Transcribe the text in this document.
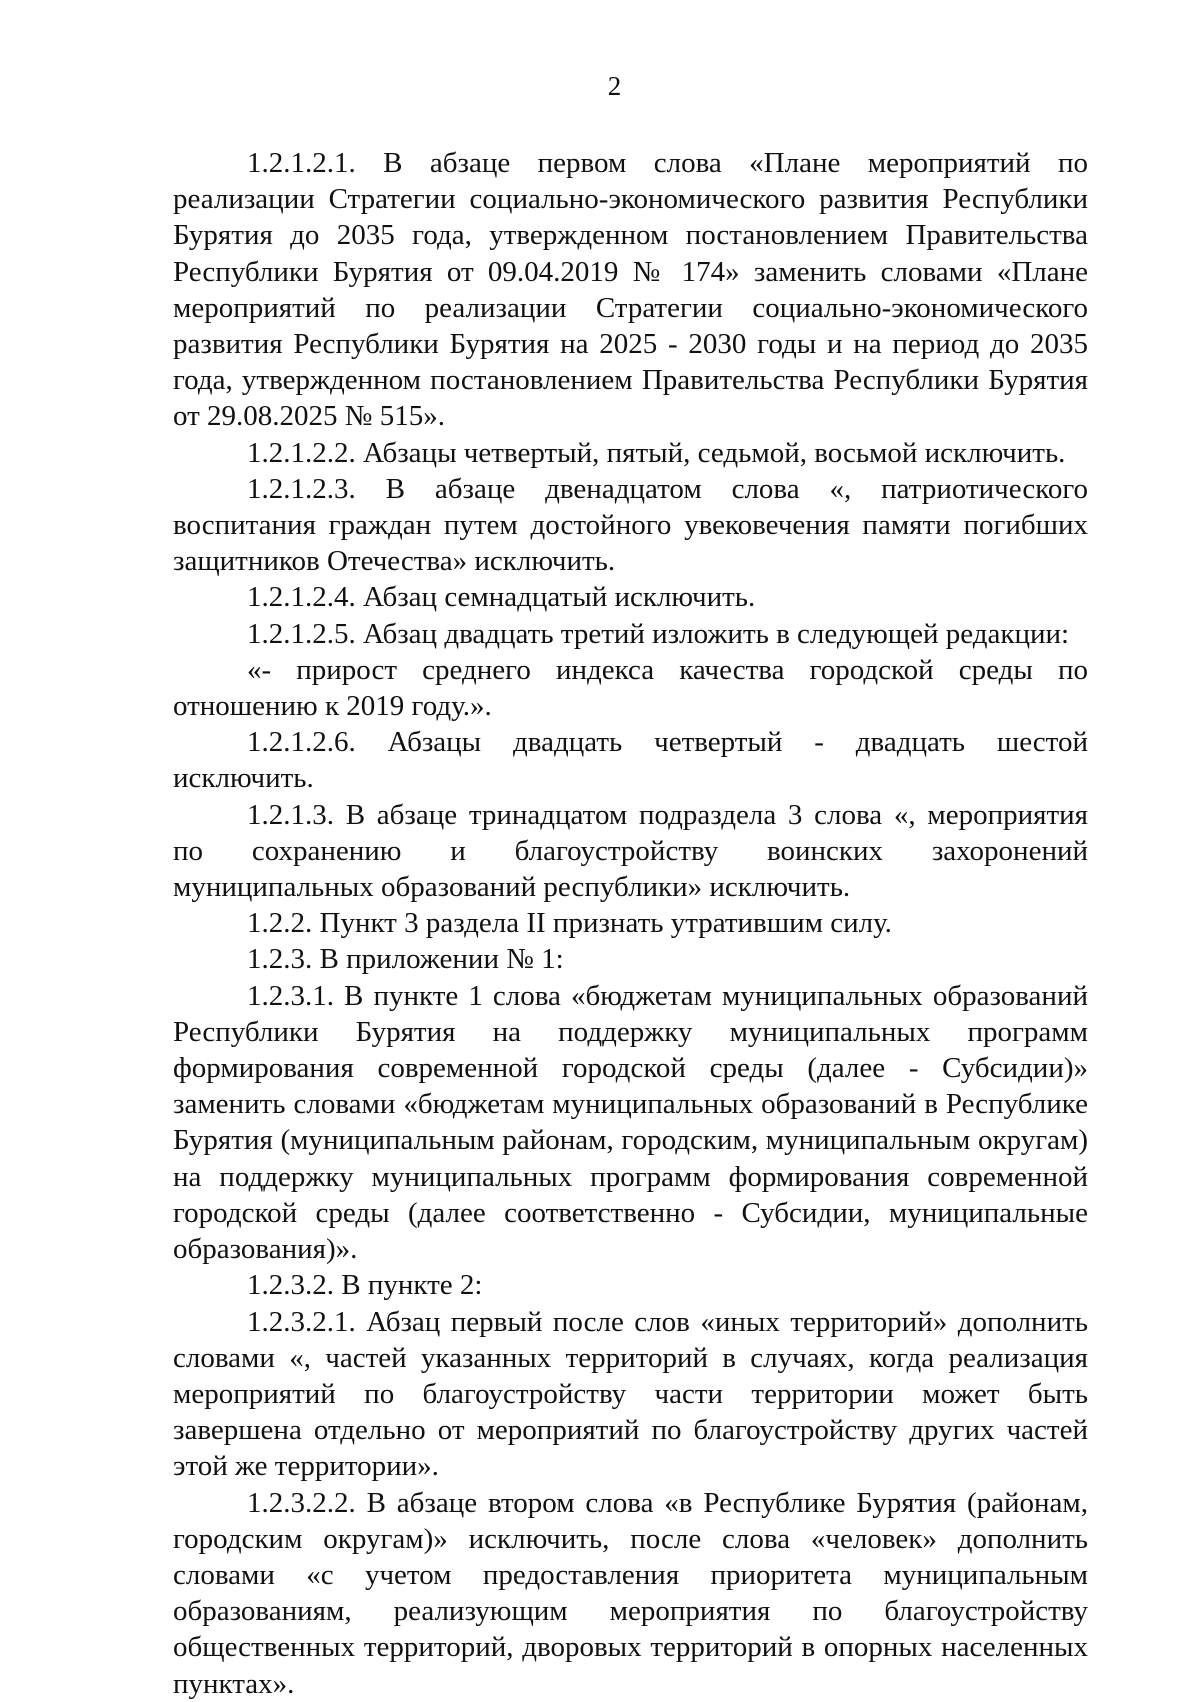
2

1.2.1.2.1. В абзаце первом слова «Плане мероприятий по реализации Стратегии социально-экономического развития Республики Бурятия до 2035 года, утвержденном постановлением Правительства Республики Бурятия от 09.04.2019 № 174» заменить словами «Плане мероприятий по реализации Стратегии социально-экономического развития Республики Бурятия на 2025 - 2030 годы и на период до 2035 года, утвержденном постановлением Правительства Республики Бурятия от 29.08.2025 № 515».

1.2.1.2.2. Абзацы четвертый, пятый, седьмой, восьмой исключить.

1.2.1.2.3. В абзаце двенадцатом слова «, патриотического воспитания граждан путем достойного увековечения памяти погибших защитников Отечества» исключить.

1.2.1.2.4. Абзац семнадцатый исключить.

1.2.1.2.5. Абзац двадцать третий изложить в следующей редакции:

«- прирост среднего индекса качества городской среды по отношению к 2019 году.».

1.2.1.2.6. Абзацы двадцать четвертый - двадцать шестой исключить.

1.2.1.3. В абзаце тринадцатом подраздела 3 слова «, мероприятия по сохранению и благоустройству воинских захоронений муниципальных образований республики» исключить.

1.2.2. Пункт 3 раздела II признать утратившим силу.

1.2.3. В приложении № 1:

1.2.3.1. В пункте 1 слова «бюджетам муниципальных образований Республики Бурятия на поддержку муниципальных программ формирования современной городской среды (далее - Субсидии)» заменить словами «бюджетам муниципальных образований в Республике Бурятия (муниципальным районам, городским, муниципальным округам) на поддержку муниципальных программ формирования современной городской среды (далее соответственно - Субсидии, муниципальные образования)».

1.2.3.2. В пункте 2:

1.2.3.2.1. Абзац первый после слов «иных территорий» дополнить словами «, частей указанных территорий в случаях, когда реализация мероприятий по благоустройству части территории может быть завершена отдельно от мероприятий по благоустройству других частей этой же территории».

1.2.3.2.2. В абзаце втором слова «в Республике Бурятия (районам, городским округам)» исключить, после слова «человек» дополнить словами «с учетом предоставления приоритета муниципальным образованиям, реализующим мероприятия по благоустройству общественных территорий, дворовых территорий в опорных населенных пунктах».
